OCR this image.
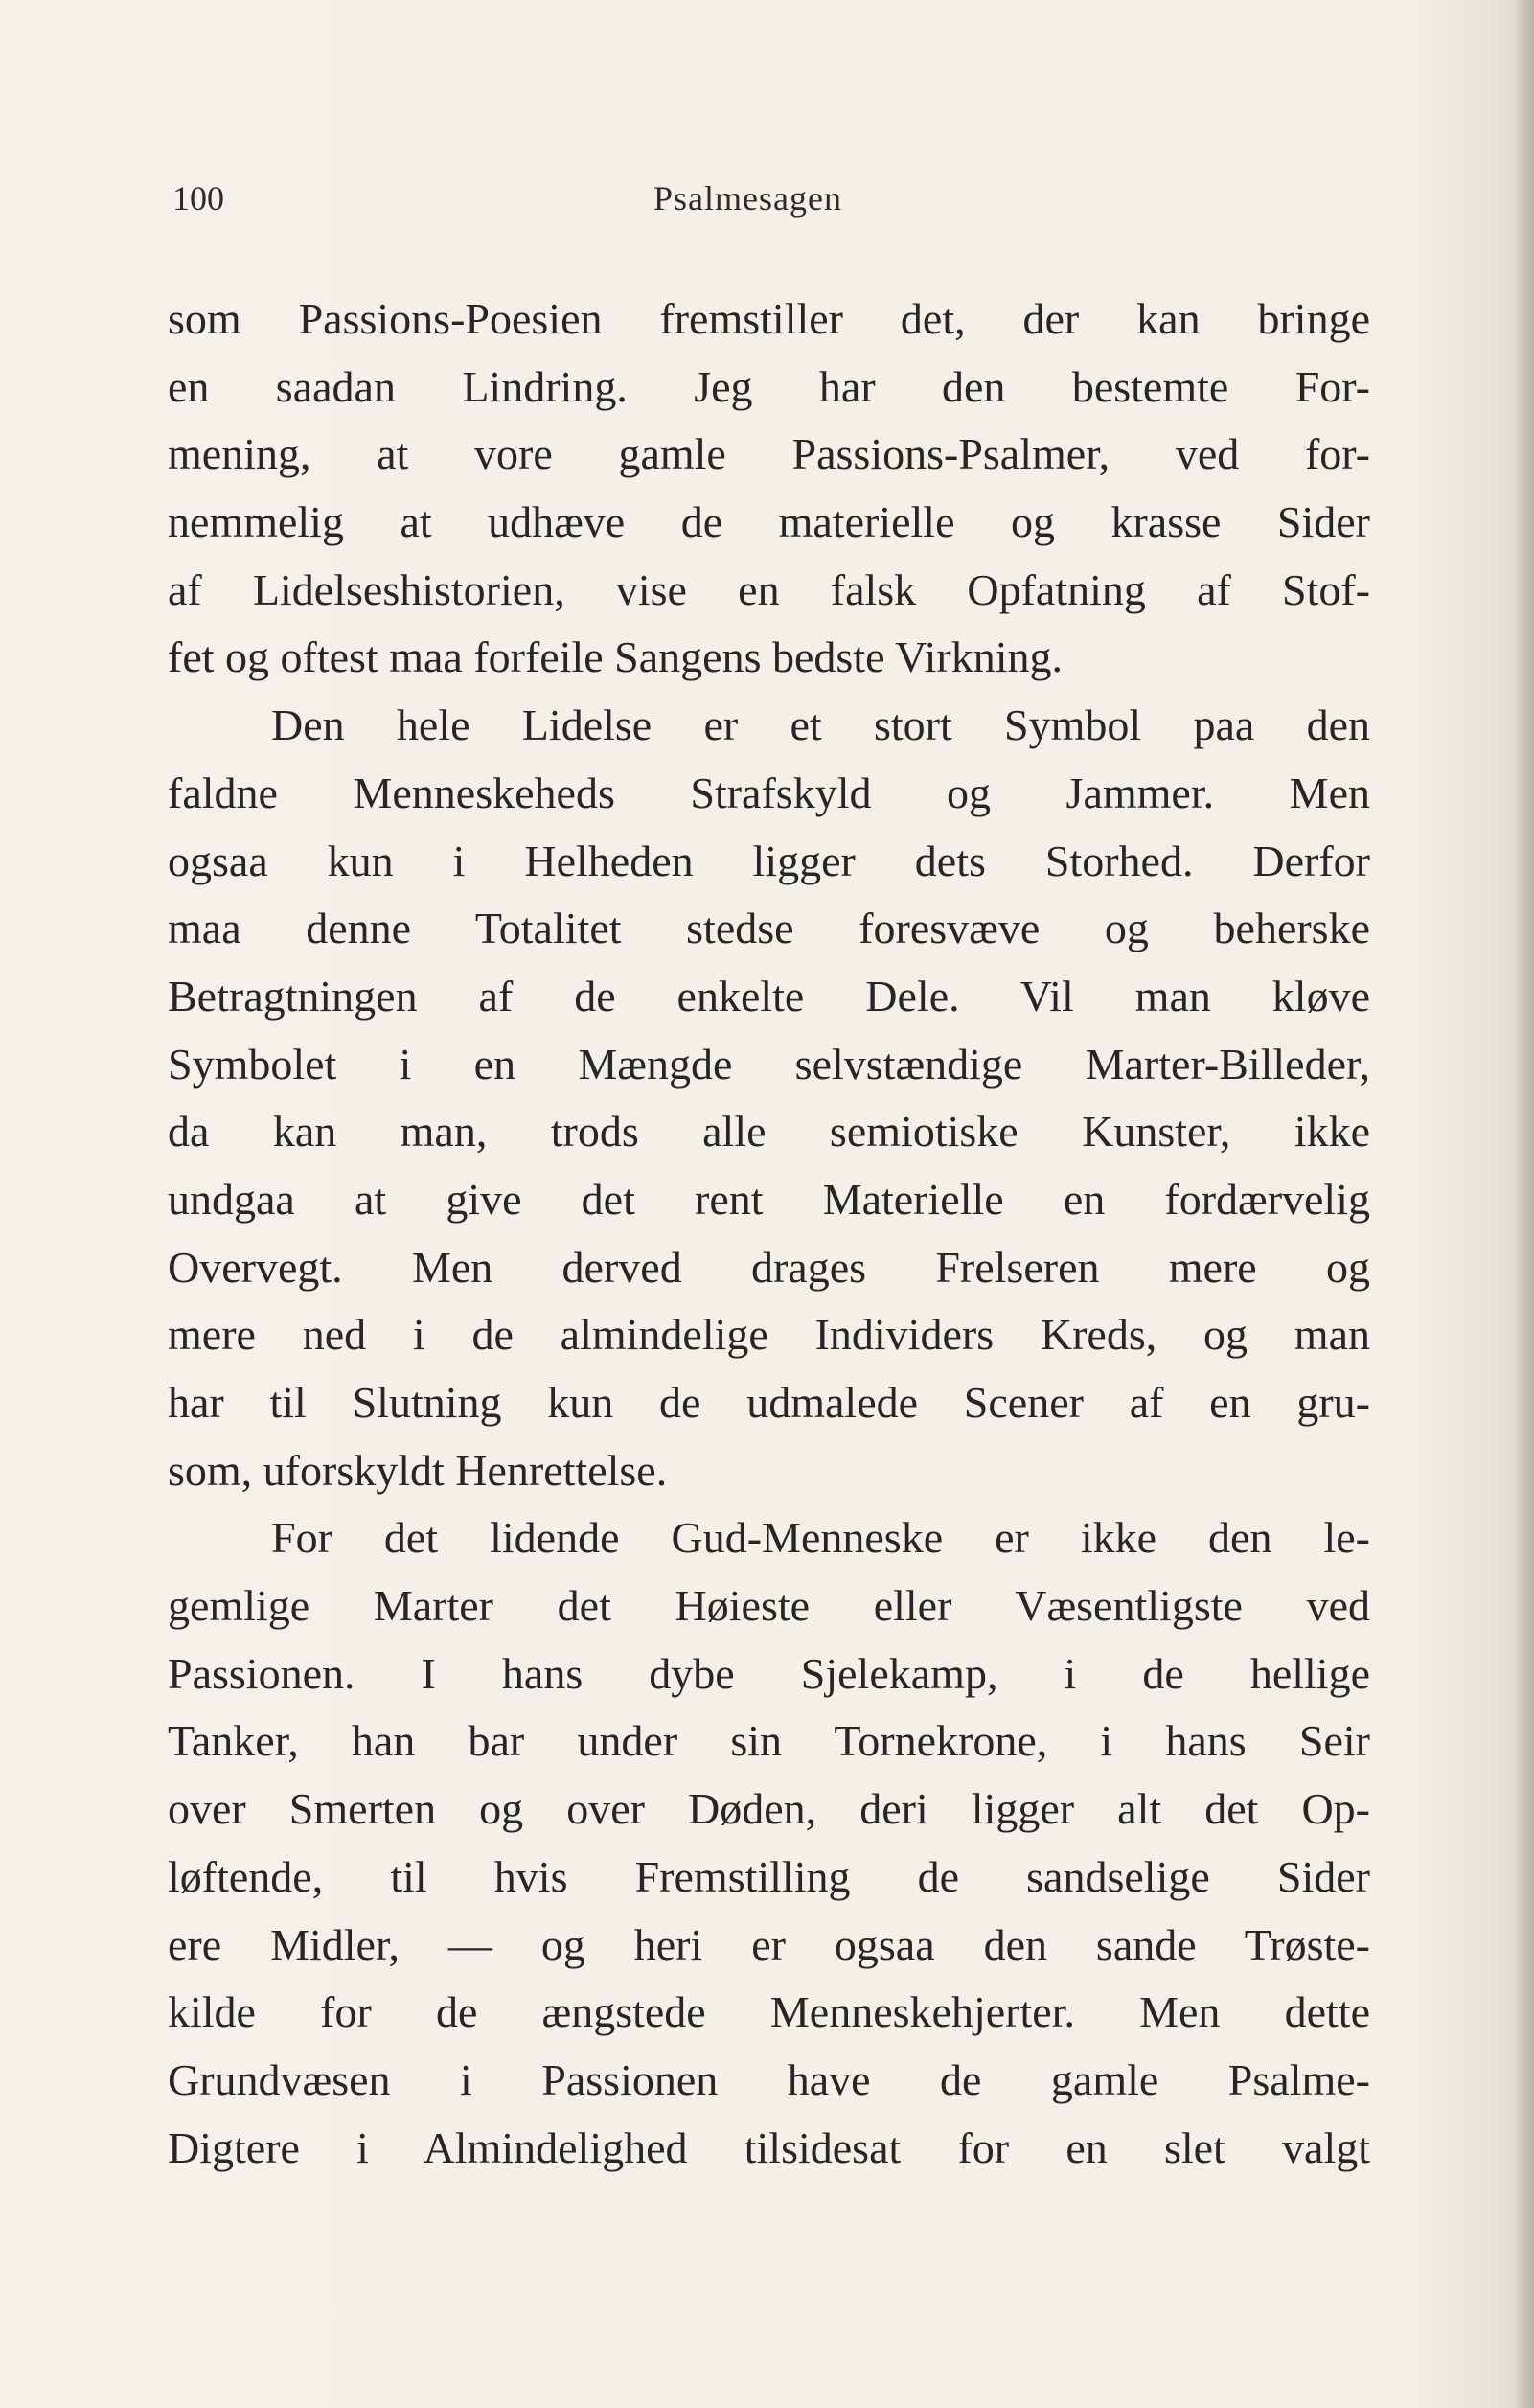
100	Psalmesagen
som Passions-Poesien fremstiller det, der kan bringe
en saadan Lindring. Jeg har den bestemte For-
mening, at vore gamle Passions-Psalmer, ved for-
nemmelig at udhæve de materielle og krasse Sider
af Lidelseshistorien, vise en falsk Opfatning af Stof-
fet og oftest maa forfeile Sangens bedste Virkning.
Den hele Lidelse er et stort Symbol paa den
faldne Menneskeheds Strafskyld og Jammer. Men
ogsaa kun i Helheden ligger dets Storhed. Derfor
maa denne Totalitet stedse foresvæve og beherske
Betragtningen af de enkelte Dele. Vil man kløve
Symbolet i en Mængde selvstændige Marter-Billeder,
da kan man, trods alle semiotiske Kunster, ikke
undgaa at give det rent Materielle en fordærvelig
Overvegt. Men derved drages Frelseren mere og
mere ned i de almindelige Individers Kreds, og man
har til Slutning kun de udmalede Scener af en gru-
som, uforskyldt Henrettelse.
For det lidende Gud-Menneske er ikke den le-
gemlige Marter det Høieste eller Væsentligste ved
Passionen. I hans dybe Sjelekamp, i de hellige
Tanker, han bar under sin Tornekrone, i hans Seir
over Smerten og over Døden, deri ligger alt det Op-
løftende, til hvis Fremstilling de sandselige Sider
ere Midler, — og heri er ogsaa den sande Trøste-
kilde for de ængstede Menneskehjerter. Men dette
Grundvæsen i Passionen have de gamle Psalme-
Digtere i Almindelighed tilsidesat for en slet valgt
